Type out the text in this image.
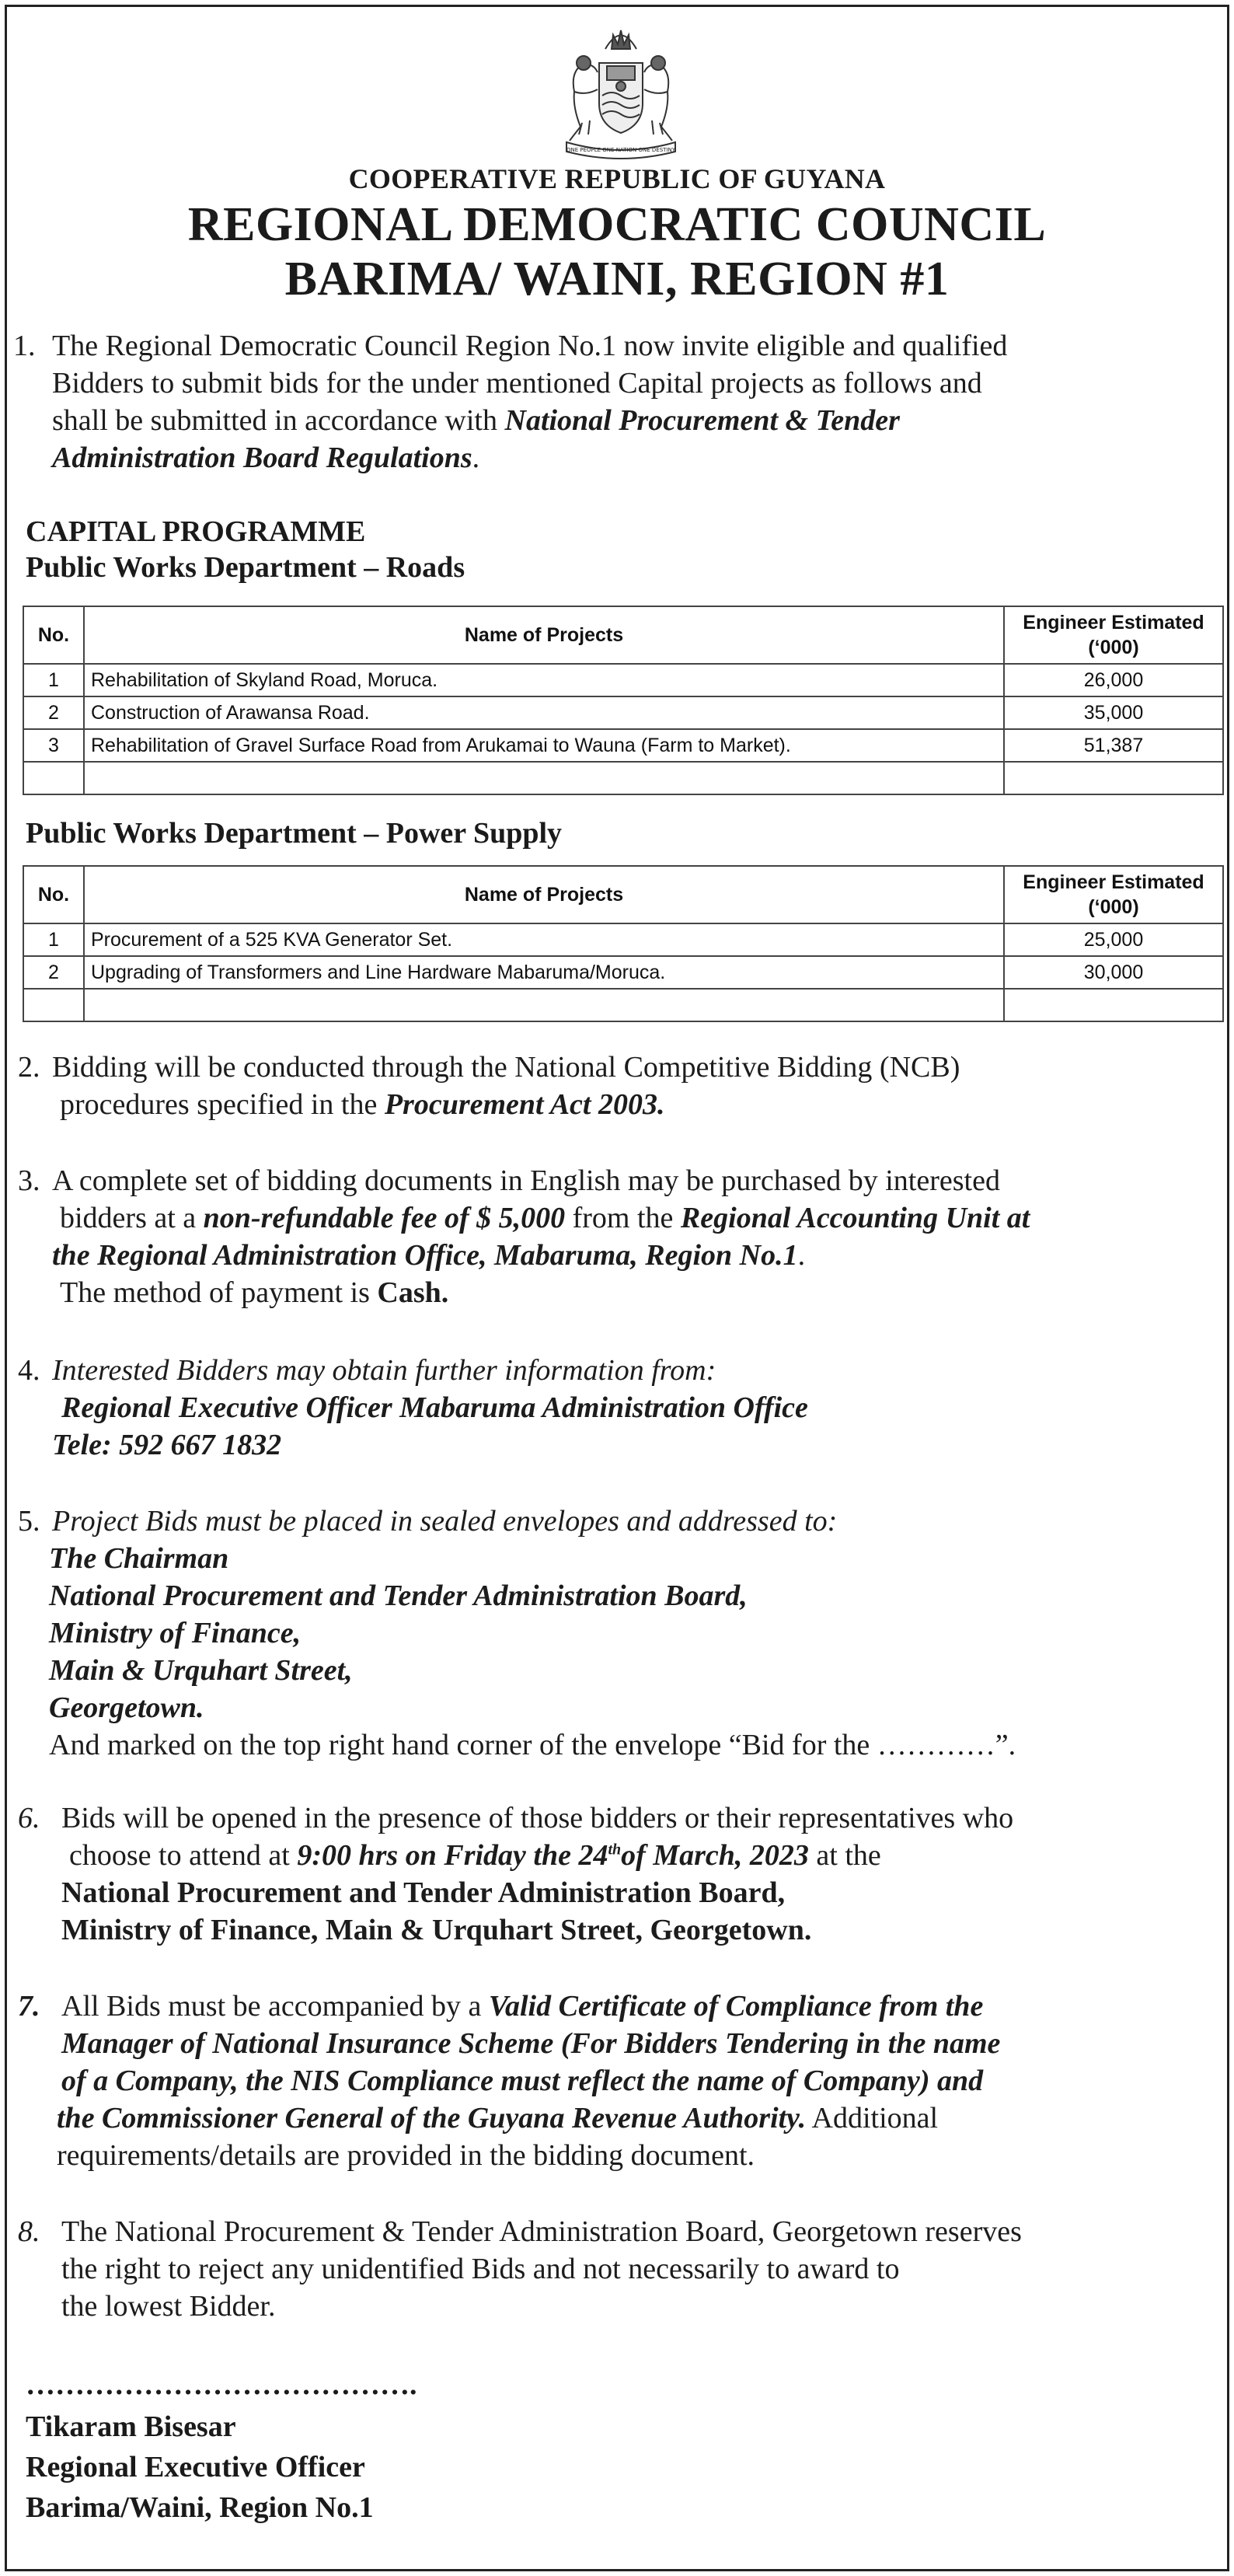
ONE PEOPLE ONE NATION ONE DESTINY
COOPERATIVE REPUBLIC OF GUYANA
REGIONAL DEMOCRATIC COUNCIL
BARIMA/ WAINI, REGION #1
1. The Regional Democratic Council Region No.1 now invite eligible and qualified
Bidders to submit bids for the under mentioned Capital projects as follows and
shall be submitted in accordance with National Procurement & Tender
Administration Board Regulations.
CAPITAL PROGRAMME
Public Works Department – Roads
No.	Name of Projects	Engineer Estimated
(‘000)

1	Rehabilitation of Skyland Road, Moruca.	26,000
2	Construction of Arawansa Road.	35,000
3	Rehabilitation of Gravel Surface Road from Arukamai to Wauna (Farm to Market).	51,387

Public Works Department – Power Supply
No.	Name of Projects	Engineer Estimated
(‘000)

1	Procurement of a 525 KVA Generator Set.	25,000
2	Upgrading of Transformers and Line Hardware Mabaruma/Moruca.	30,000

2. Bidding will be conducted through the National Competitive Bidding (NCB)
procedures specified in the Procurement Act 2003.
3. A complete set of bidding documents in English may be purchased by interested
bidders at a non-refundable fee of $ 5,000 from the Regional Accounting Unit at
the Regional Administration Office, Mabaruma, Region No.1.
The method of payment is Cash.
4. Interested Bidders may obtain further information from:
Regional Executive Officer Mabaruma Administration Office
Tele: 592 667 1832
5. Project Bids must be placed in sealed envelopes and addressed to:
The Chairman
National Procurement and Tender Administration Board,
Ministry of Finance,
Main & Urquhart Street,
Georgetown.
And marked on the top right hand corner of the envelope “Bid for the …………”.
6. Bids will be opened in the presence of those bidders or their representatives who
choose to attend at 9:00 hrs on Friday the 24thof March, 2023 at the
National Procurement and Tender Administration Board,
Ministry of Finance, Main & Urquhart Street, Georgetown.
7. All Bids must be accompanied by a Valid Certificate of Compliance from the
Manager of National Insurance Scheme (For Bidders Tendering in the name
of a Company, the NIS Compliance must reflect the name of Company) and
the Commissioner General of the Guyana Revenue Authority. Additional
requirements/details are provided in the bidding document.
8. The National Procurement & Tender Administration Board, Georgetown reserves
the right to reject any unidentified Bids and not necessarily to award to
the lowest Bidder.
………………………………….
Tikaram Bisesar
Regional Executive Officer
Barima/Waini, Region No.1
